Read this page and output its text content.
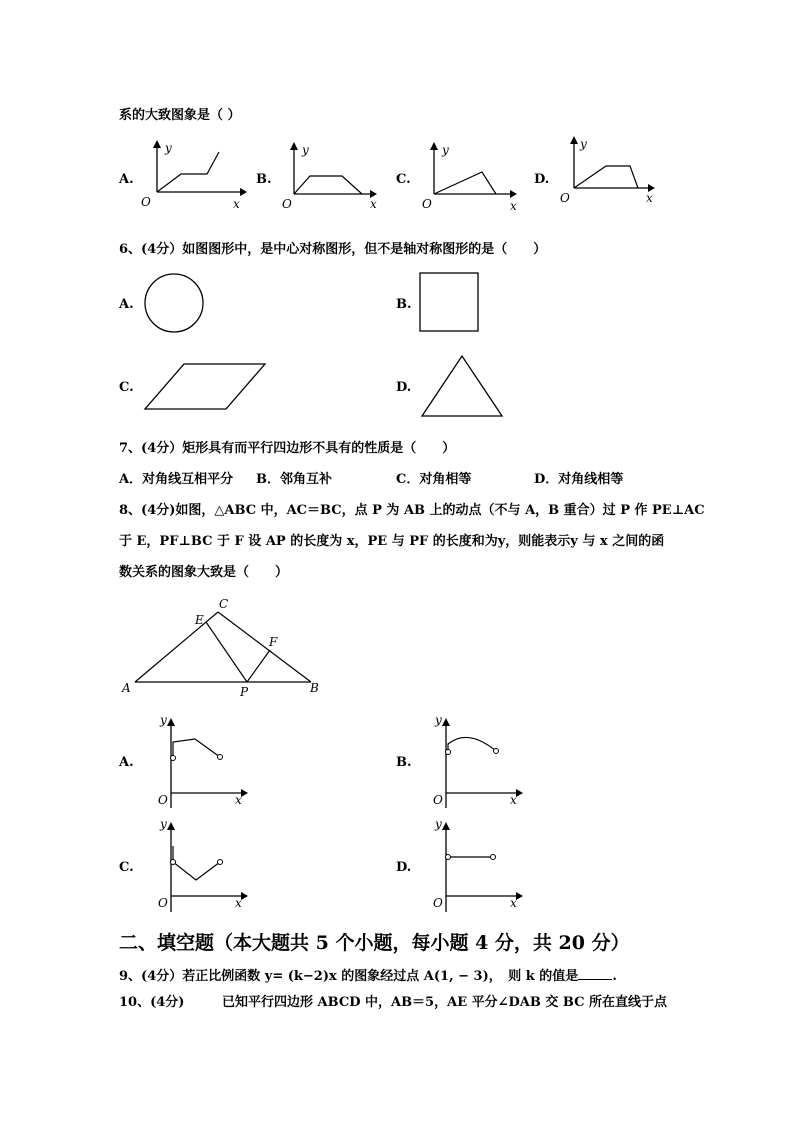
系的大致图象是（ ）
A.
y
O	x
B.
y
O	x
C.
y
O	x
D.
y
O	x
6、(4分）如图图形中，是中心对称图形，但不是轴对称图形的是（　　）
A.	B.
C.	D.
7、(4分）矩形具有而平行四边形不具有的性质是（　　）
A．对角线互相平分 B．邻角互补	C．对角相等	D．对角线相等
8、(4分)如图，△ABC 中，AC＝BC，点 P 为 AB 上的动点（不与 A，B 重合）过 P 作 PE⊥AC
于 E，PF⊥BC 于 F 设 AP 的长度为 x，PE 与 PF 的长度和为y，则能表示y 与 x 之间的函
数关系的图象大致是（　　）
C
E
F
A	P	B
A.
y
O	x
B.
y
O	x
C.
y
O	x
D.
y
O	x
二、填空题（本大题共 5 个小题，每小题 4 分，共 20 分）
9、(4分）若正比例函数 y= (k−2)x 的图象经过点 A(1, − 3)，　则 k 的值是	.
10、(4分)	已知平行四边形 ABCD 中，AB＝5，AE 平分∠DAB 交 BC 所在直线于点
